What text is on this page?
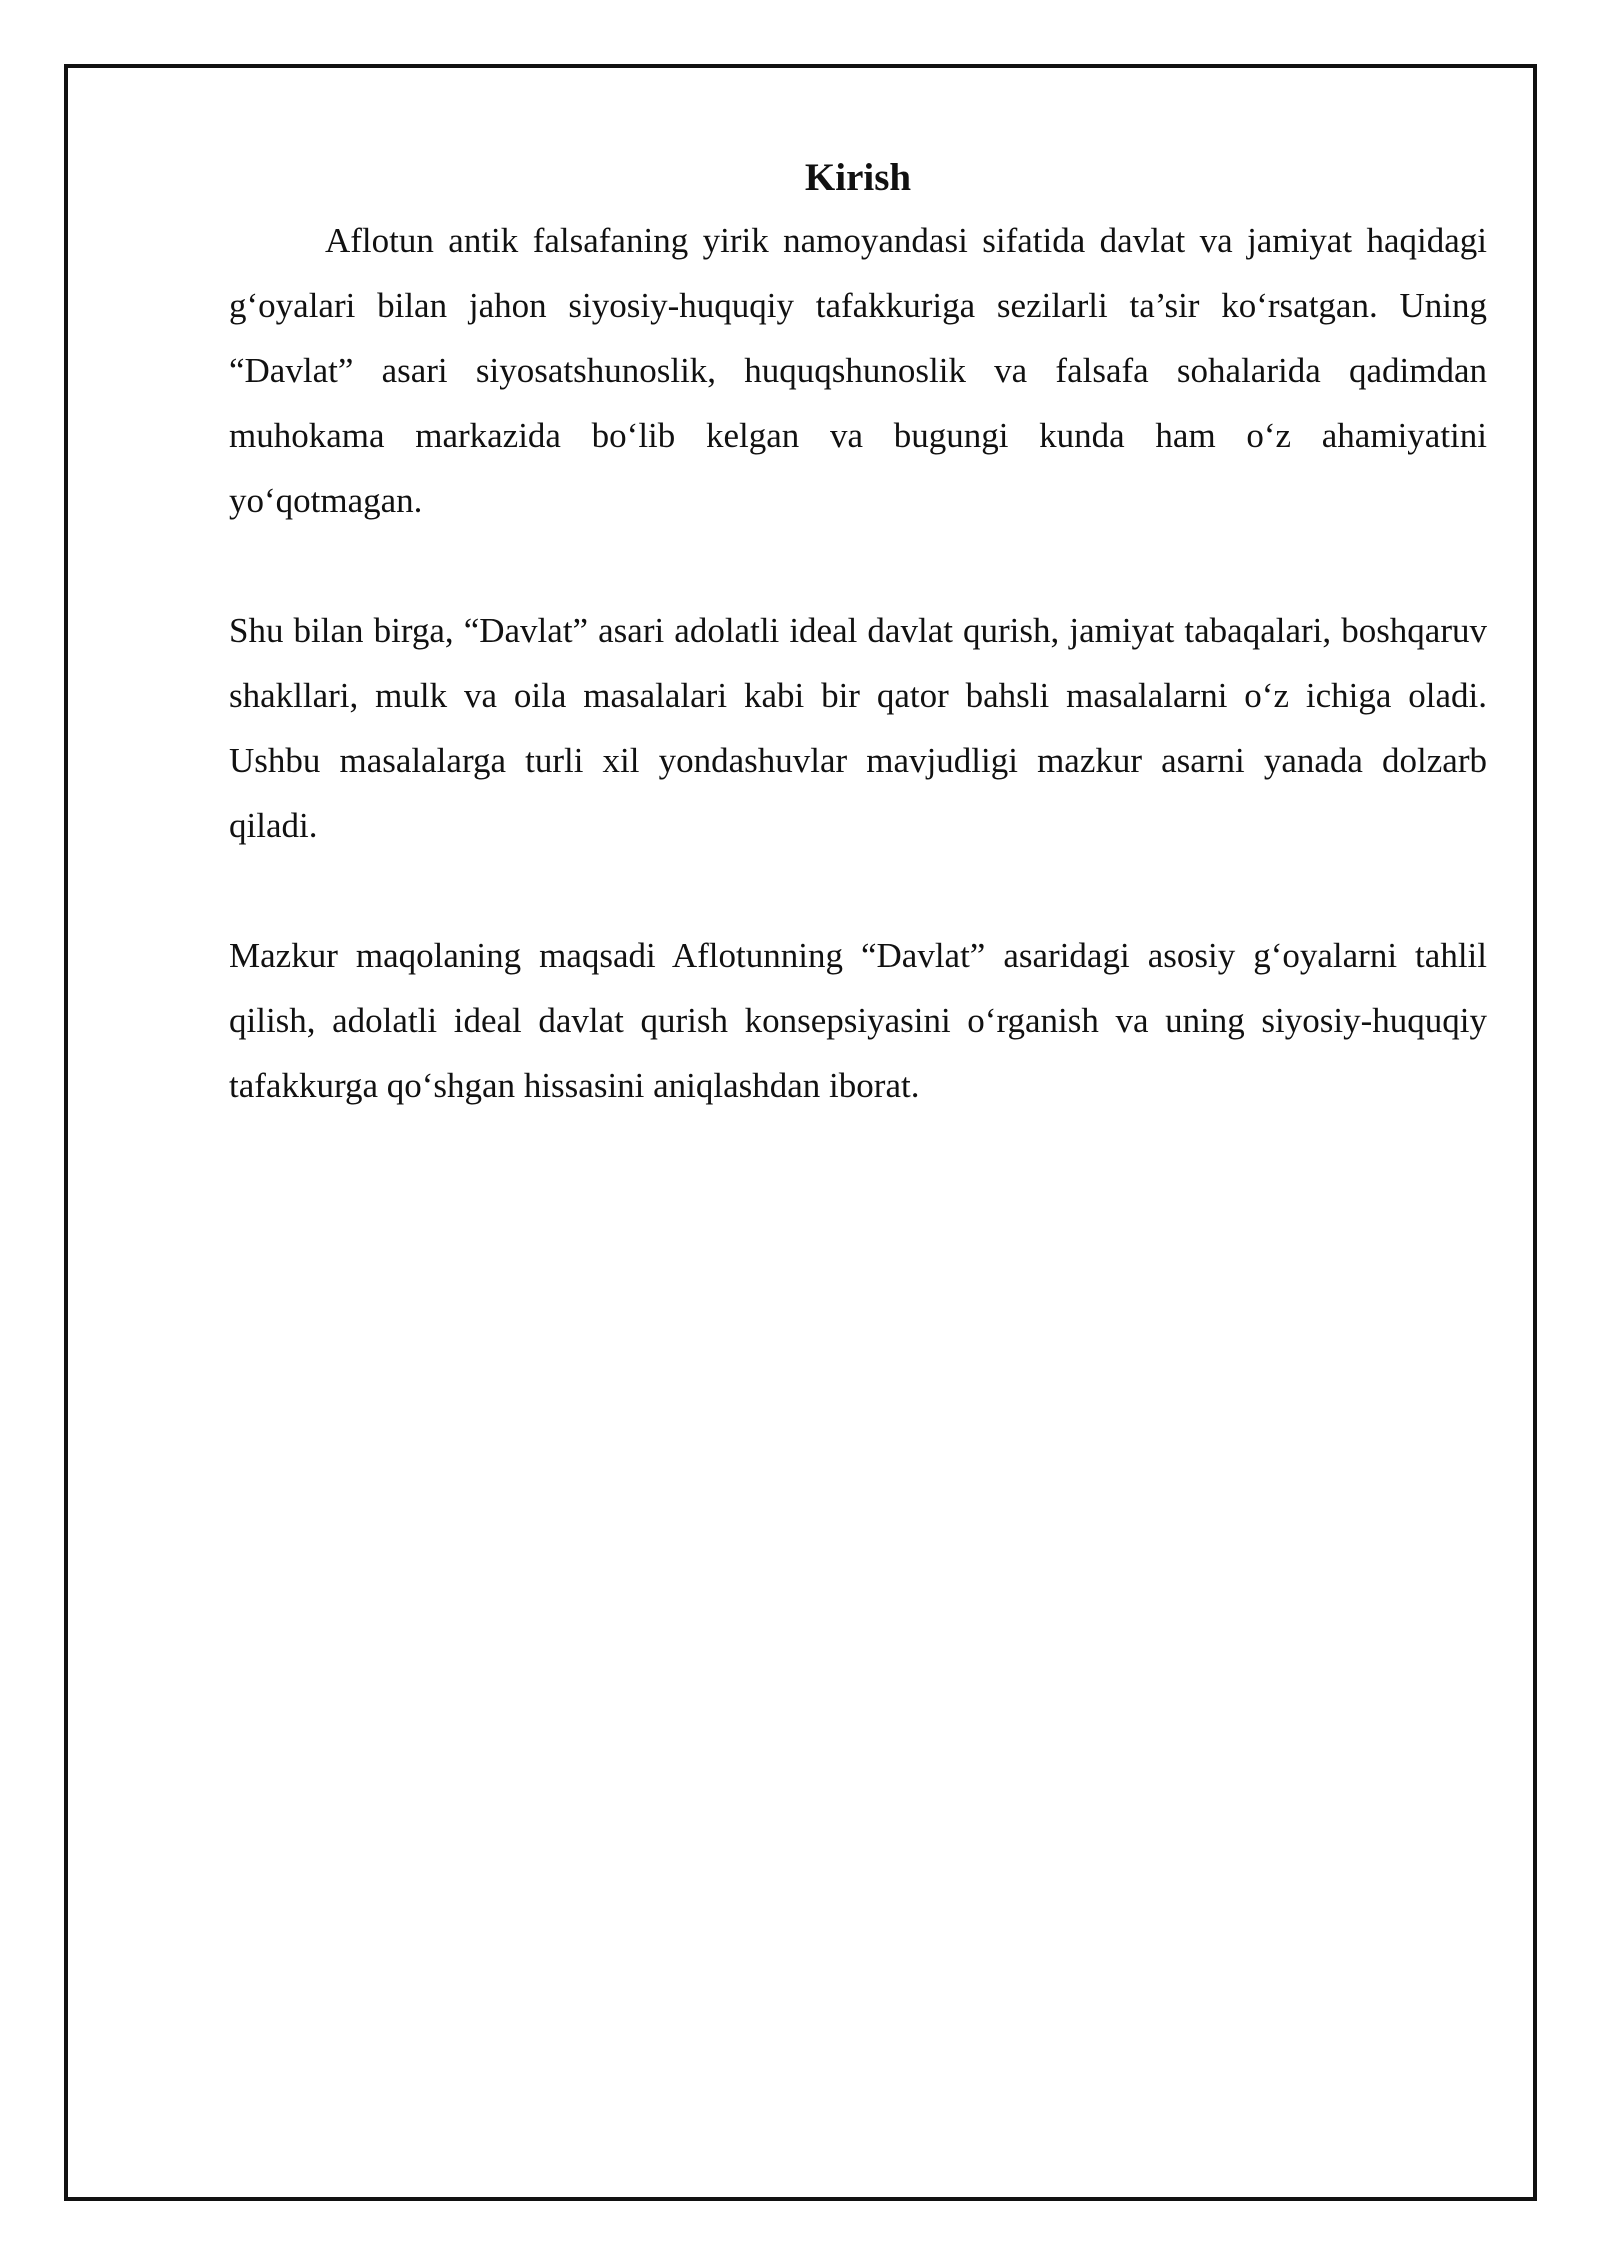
Kirish

Aflotun antik falsafaning yirik namoyandasi sifatida davlat va jamiyat haqidagi g‘oyalari bilan jahon siyosiy-huquqiy tafakkuriga sezilarli ta’sir ko‘rsatgan. Uning “Davlat” asari siyosatshunoslik, huquqshunoslik va falsafa sohalarida qadimdan muhokama markazida bo‘lib kelgan va bugungi kunda ham o‘z ahamiyatini yo‘qotmagan.

Shu bilan birga, “Davlat” asari adolatli ideal davlat qurish, jamiyat tabaqalari, boshqaruv shakllari, mulk va oila masalalari kabi bir qator bahsli masalalarni o‘z ichiga oladi. Ushbu masalalarga turli xil yondashuvlar mavjudligi mazkur asarni yanada dolzarb qiladi.

Mazkur maqolaning maqsadi Aflotunning “Davlat” asaridagi asosiy g‘oyalarni tahlil qilish, adolatli ideal davlat qurish konsepsiyasini o‘rganish va uning siyosiy-huquqiy tafakkurga qo‘shgan hissasini aniqlashdan iborat.
